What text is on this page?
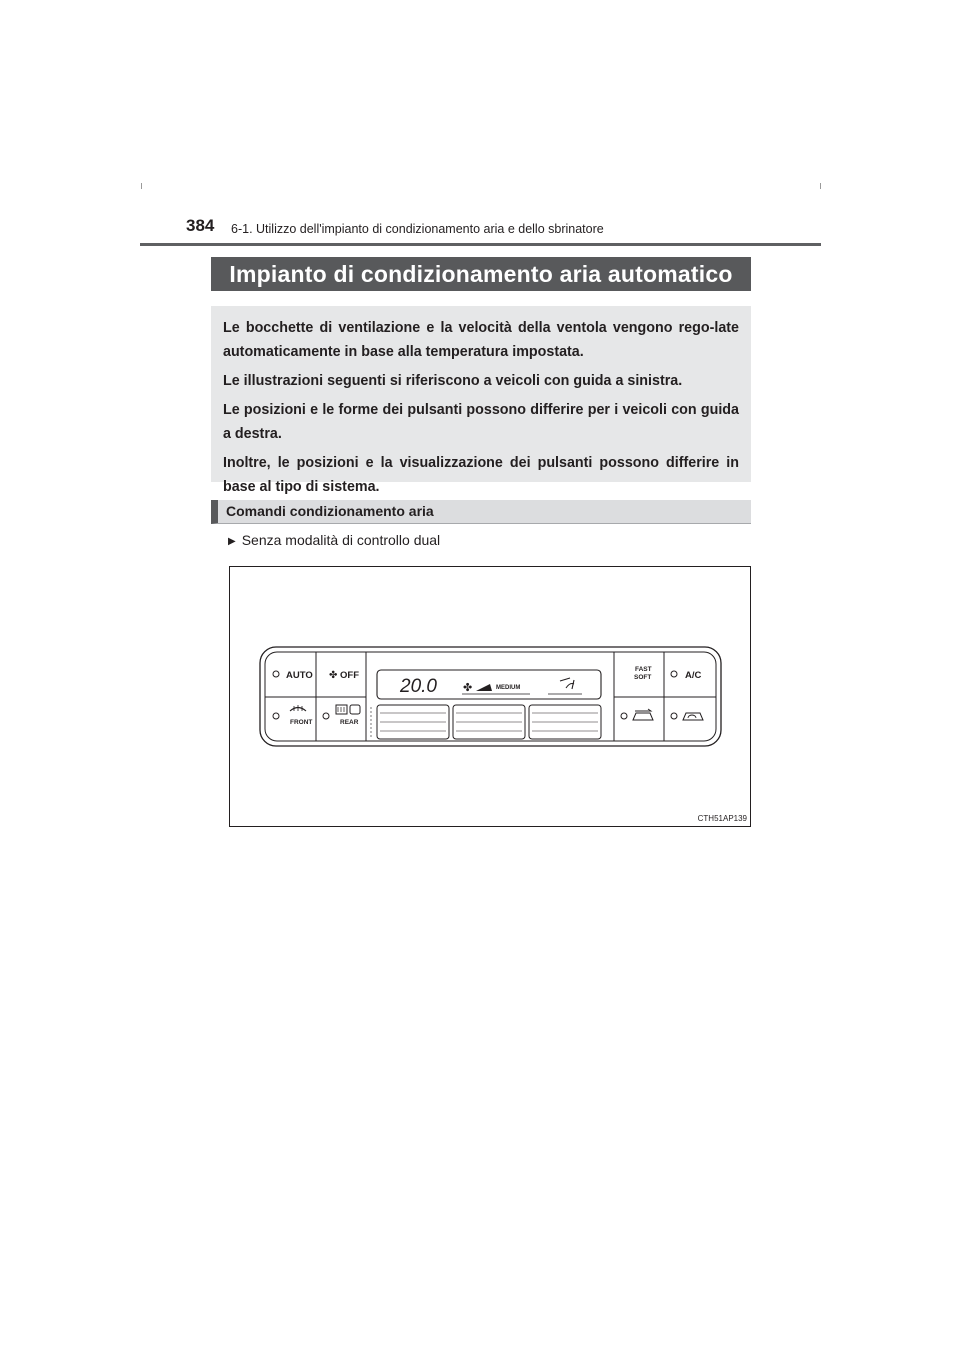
384 6-1. Utilizzo dell'impianto di condizionamento aria e dello sbrinatore
Impianto di condizionamento aria automatico

Le bocchette di ventilazione e la velocità della ventola vengono rego-late automaticamente in base alla temperatura impostata.

Le illustrazioni seguenti si riferiscono a veicoli con guida a sinistra.

Le posizioni e le forme dei pulsanti possono differire per i veicoli con guida a destra.

Inoltre, le posizioni e la visualizzazione dei pulsanti possono differire in base al tipo di sistema.

Comandi condizionamento aria
▶ Senza modalità di controllo dual
AUTO ✤ OFF
FRONT	REAR
20.0 ✤	MEDIUM
FAST
SOFT	A/C
CTH51AP139
